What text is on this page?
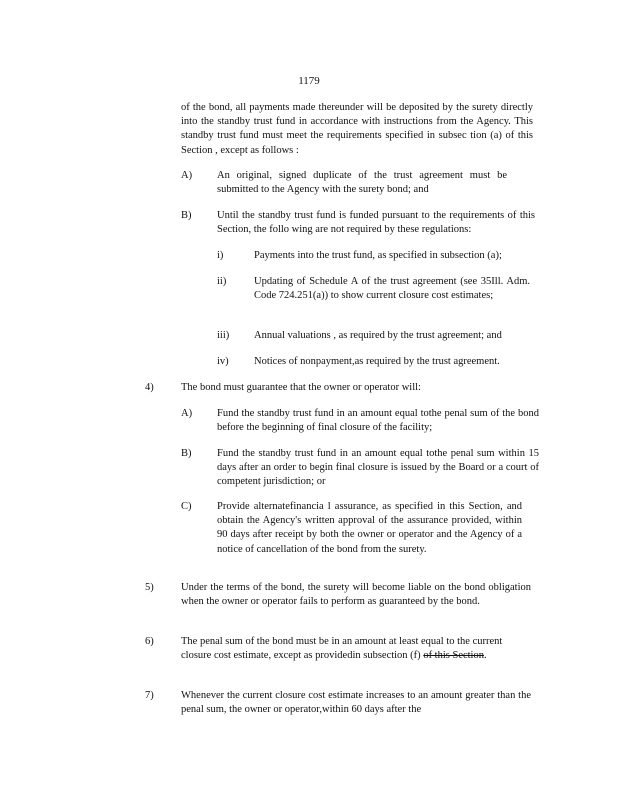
1179
of the bond, all payments made thereunder will be deposited by the surety directly into the standby trust fund in accordance with instructions from the Agency. This standby trust fund must meet the requirements specified in subsec tion (a) of this Section , except as follows :
A) An original, signed duplicate of the trust agreement must be submitted to the Agency with the surety bond; and
B) Until the standby trust fund is funded pursuant to the requirements of this Section, the follo wing are not required by these regulations:
i)	Payments into the trust fund, as specified in subsection (a);
ii)	Updating of Schedule A of the trust agreement (see 35Ill. Adm. Code 724.251(a)) to show current closure cost estimates;
iii) Annual valuations , as required by the trust agreement; and
iv) Notices of nonpayment,as required by the trust agreement.
4)	The bond must guarantee that the owner or operator will:
A) Fund the standby trust fund in an amount equal tothe penal sum of the bond before the beginning of final closure of the facility;
B) Fund the standby trust fund in an amount equal tothe penal sum within 15 days after an order to begin final closure is issued by the Board or a court of competent jurisdiction; or
C) Provide alternatefinancia l assurance, as specified in this Section, and obtain the Agency's written approval of the assurance provided, within 90 days after receipt by both the owner or operator and the Agency of a notice of cancellation of the bond from the surety.
5)	Under the terms of the bond, the surety will become liable on the bond obligation when the owner or operator fails to perform as guaranteed by the bond.
6)	The penal sum of the bond must be in an amount at least equal to the current closure cost estimate, except as providedin subsection (f) of this Section.
7)	Whenever the current closure cost estimate increases to an amount greater than the penal sum, the owner or operator,within 60 days after the
